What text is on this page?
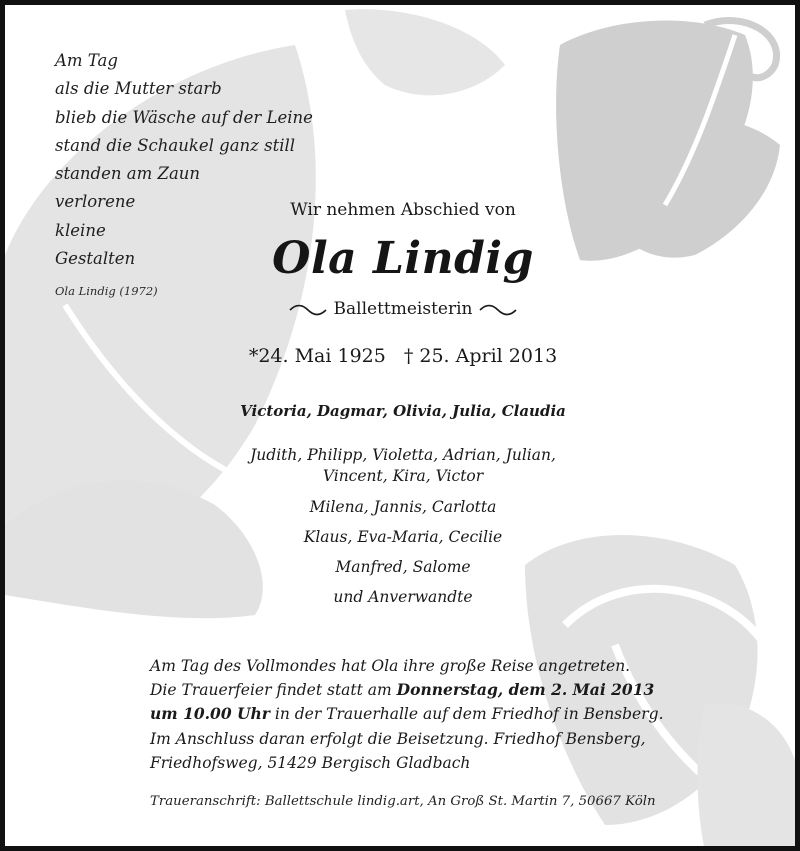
Am Tag
als die Mutter starb
blieb die Wäsche auf der Leine
stand die Schaukel ganz still
standen am Zaun
verlorene
kleine
Gestalten
Ola Lindig (1972)
Wir nehmen Abschied von
Ola Lindig
Ballettmeisterin
*24. Mai 1925 † 25. April 2013
Victoria, Dagmar, Olivia, Julia, Claudia
Judith, Philipp, Violetta, Adrian, Julian,
Vincent, Kira, Victor
Milena, Jannis, Carlotta
Klaus, Eva-Maria, Cecilie
Manfred, Salome
und Anverwandte
Am Tag des Vollmondes hat Ola ihre große Reise angetreten.
Die Trauerfeier findet statt am Donnerstag, dem 2. Mai 2013
um 10.00 Uhr in der Trauerhalle auf dem Friedhof in Bensberg.
Im Anschluss daran erfolgt die Beisetzung. Friedhof Bensberg,
Friedhofsweg, 51429 Bergisch Gladbach
Traueranschrift: Ballettschule lindig.art, An Groß St. Martin 7, 50667 Köln
